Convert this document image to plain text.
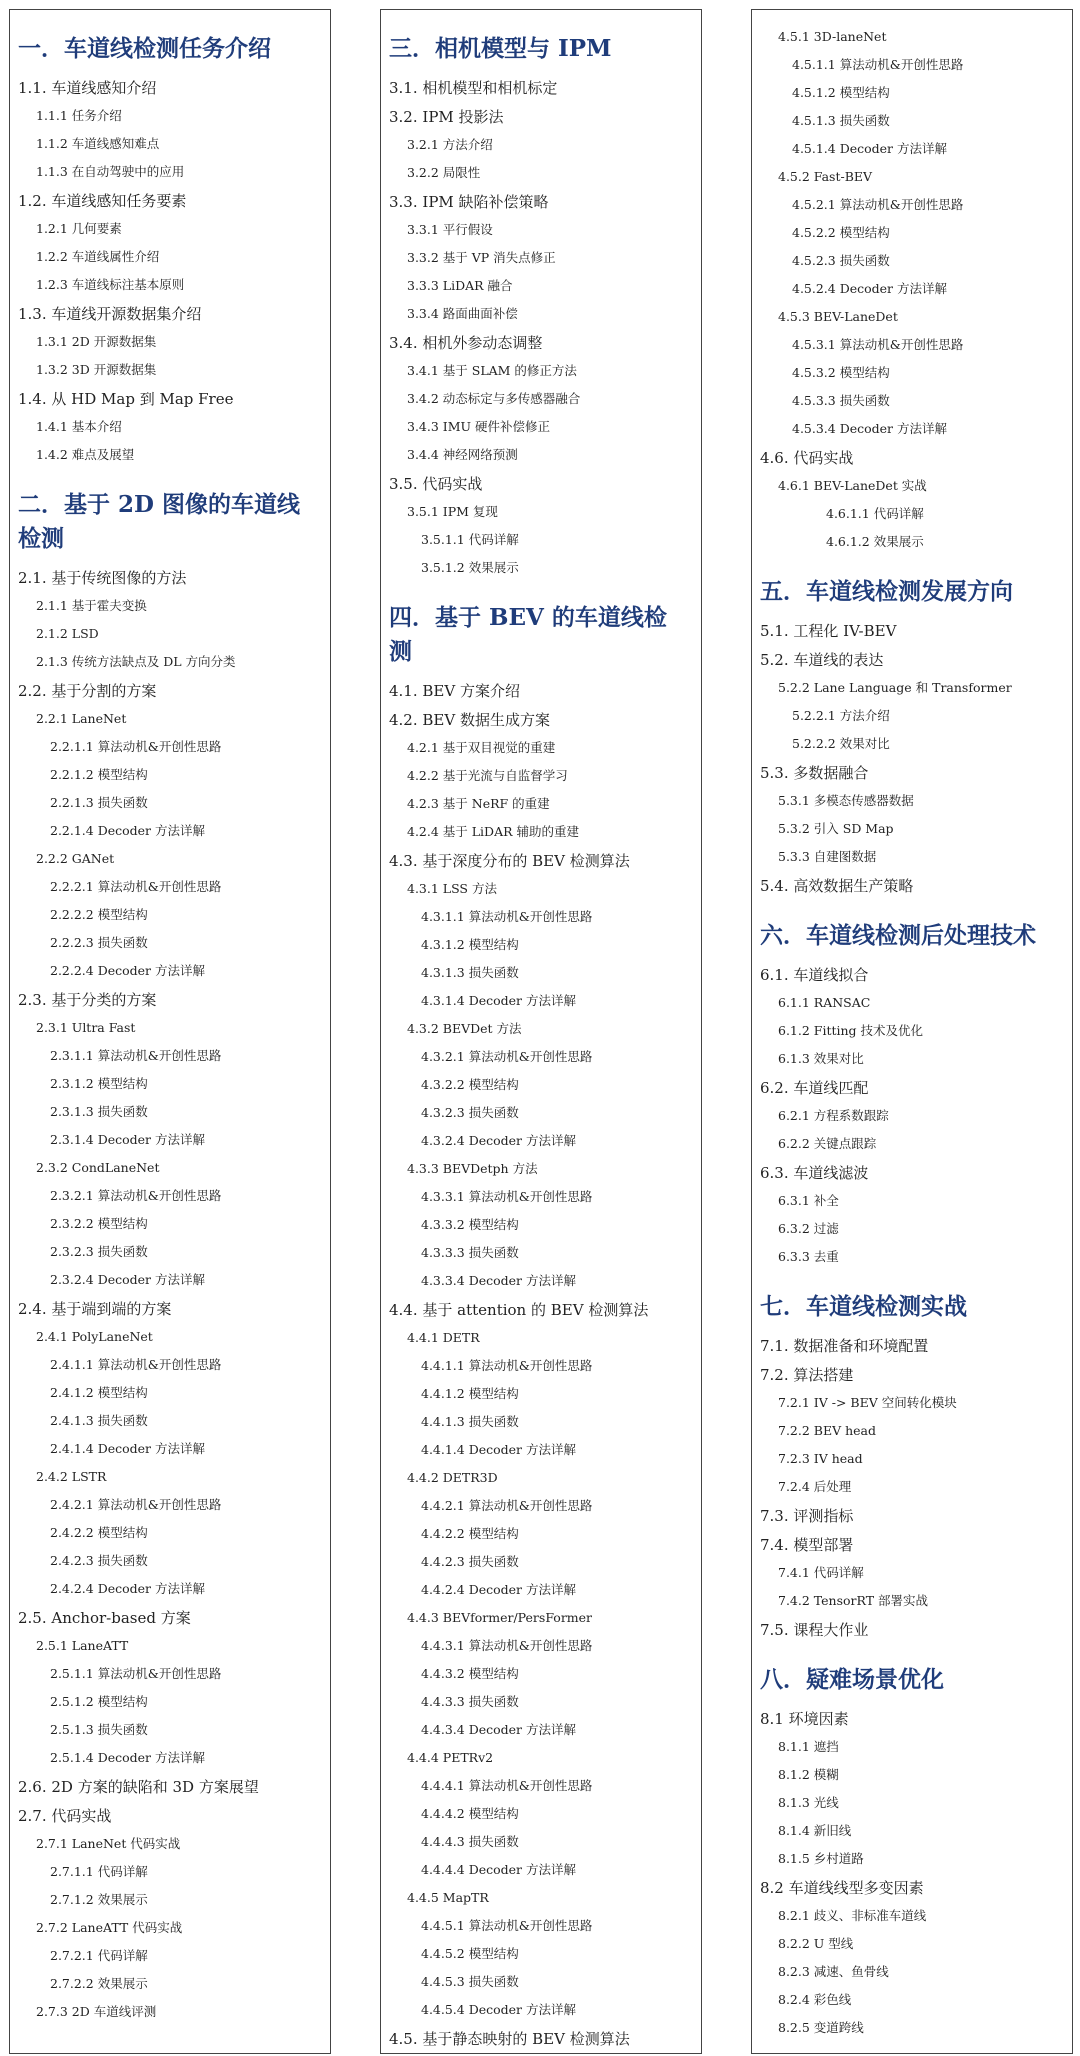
一．车道线检测任务介绍
1.1. 车道线感知介绍
1.1.1 任务介绍
1.1.2 车道线感知难点
1.1.3 在自动驾驶中的应用
1.2. 车道线感知任务要素
1.2.1 几何要素
1.2.2 车道线属性介绍
1.2.3 车道线标注基本原则
1.3. 车道线开源数据集介绍
1.3.1 2D 开源数据集
1.3.2 3D 开源数据集
1.4. 从 HD Map 到 Map Free
1.4.1 基本介绍
1.4.2 难点及展望
二．基于 2D 图像的车道线检测
2.1. 基于传统图像的方法
2.1.1 基于霍夫变换
2.1.2 LSD
2.1.3 传统方法缺点及 DL 方向分类
2.2. 基于分割的方案
2.2.1 LaneNet
2.2.1.1 算法动机&开创性思路
2.2.1.2 模型结构
2.2.1.3 损失函数
2.2.1.4 Decoder 方法详解
2.2.2 GANet
2.2.2.1 算法动机&开创性思路
2.2.2.2 模型结构
2.2.2.3 损失函数
2.2.2.4 Decoder 方法详解
2.3. 基于分类的方案
2.3.1 Ultra Fast
2.3.1.1 算法动机&开创性思路
2.3.1.2 模型结构
2.3.1.3 损失函数
2.3.1.4 Decoder 方法详解
2.3.2 CondLaneNet
2.3.2.1 算法动机&开创性思路
2.3.2.2 模型结构
2.3.2.3 损失函数
2.3.2.4 Decoder 方法详解
2.4. 基于端到端的方案
2.4.1 PolyLaneNet
2.4.1.1 算法动机&开创性思路
2.4.1.2 模型结构
2.4.1.3 损失函数
2.4.1.4 Decoder 方法详解
2.4.2 LSTR
2.4.2.1 算法动机&开创性思路
2.4.2.2 模型结构
2.4.2.3 损失函数
2.4.2.4 Decoder 方法详解
2.5. Anchor-based 方案
2.5.1 LaneATT
2.5.1.1 算法动机&开创性思路
2.5.1.2 模型结构
2.5.1.3 损失函数
2.5.1.4 Decoder 方法详解
2.6. 2D 方案的缺陷和 3D 方案展望
2.7. 代码实战
2.7.1 LaneNet 代码实战
2.7.1.1 代码详解
2.7.1.2 效果展示
2.7.2 LaneATT 代码实战
2.7.2.1 代码详解
2.7.2.2 效果展示
2.7.3 2D 车道线评测
三．相机模型与 IPM
3.1. 相机模型和相机标定
3.2. IPM 投影法
3.2.1 方法介绍
3.2.2 局限性
3.3. IPM 缺陷补偿策略
3.3.1 平行假设
3.3.2 基于 VP 消失点修正
3.3.3 LiDAR 融合
3.3.4 路面曲面补偿
3.4. 相机外参动态调整
3.4.1 基于 SLAM 的修正方法
3.4.2 动态标定与多传感器融合
3.4.3 IMU 硬件补偿修正
3.4.4 神经网络预测
3.5. 代码实战
3.5.1 IPM 复现
3.5.1.1 代码详解
3.5.1.2 效果展示
四．基于 BEV 的车道线检测
4.1. BEV 方案介绍
4.2. BEV 数据生成方案
4.2.1 基于双目视觉的重建
4.2.2 基于光流与自监督学习
4.2.3 基于 NeRF 的重建
4.2.4 基于 LiDAR 辅助的重建
4.3. 基于深度分布的 BEV 检测算法
4.3.1 LSS 方法
4.3.1.1 算法动机&开创性思路
4.3.1.2 模型结构
4.3.1.3 损失函数
4.3.1.4 Decoder 方法详解
4.3.2 BEVDet 方法
4.3.2.1 算法动机&开创性思路
4.3.2.2 模型结构
4.3.2.3 损失函数
4.3.2.4 Decoder 方法详解
4.3.3 BEVDetph 方法
4.3.3.1 算法动机&开创性思路
4.3.3.2 模型结构
4.3.3.3 损失函数
4.3.3.4 Decoder 方法详解
4.4. 基于 attention 的 BEV 检测算法
4.4.1 DETR
4.4.1.1 算法动机&开创性思路
4.4.1.2 模型结构
4.4.1.3 损失函数
4.4.1.4 Decoder 方法详解
4.4.2 DETR3D
4.4.2.1 算法动机&开创性思路
4.4.2.2 模型结构
4.4.2.3 损失函数
4.4.2.4 Decoder 方法详解
4.4.3 BEVformer/PersFormer
4.4.3.1 算法动机&开创性思路
4.4.3.2 模型结构
4.4.3.3 损失函数
4.4.3.4 Decoder 方法详解
4.4.4 PETRv2
4.4.4.1 算法动机&开创性思路
4.4.4.2 模型结构
4.4.4.3 损失函数
4.4.4.4 Decoder 方法详解
4.4.5 MapTR
4.4.5.1 算法动机&开创性思路
4.4.5.2 模型结构
4.4.5.3 损失函数
4.4.5.4 Decoder 方法详解
4.5. 基于静态映射的 BEV 检测算法
4.5.1 3D-laneNet
4.5.1.1 算法动机&开创性思路
4.5.1.2 模型结构
4.5.1.3 损失函数
4.5.1.4 Decoder 方法详解
4.5.2 Fast-BEV
4.5.2.1 算法动机&开创性思路
4.5.2.2 模型结构
4.5.2.3 损失函数
4.5.2.4 Decoder 方法详解
4.5.3 BEV-LaneDet
4.5.3.1 算法动机&开创性思路
4.5.3.2 模型结构
4.5.3.3 损失函数
4.5.3.4 Decoder 方法详解
4.6. 代码实战
4.6.1 BEV-LaneDet 实战
4.6.1.1 代码详解
4.6.1.2 效果展示
五．车道线检测发展方向
5.1. 工程化 IV-BEV
5.2. 车道线的表达
5.2.2 Lane Language 和 Transformer
5.2.2.1 方法介绍
5.2.2.2 效果对比
5.3. 多数据融合
5.3.1 多模态传感器数据
5.3.2 引入 SD Map
5.3.3 自建图数据
5.4. 高效数据生产策略
六．车道线检测后处理技术
6.1. 车道线拟合
6.1.1 RANSAC
6.1.2 Fitting 技术及优化
6.1.3 效果对比
6.2. 车道线匹配
6.2.1 方程系数跟踪
6.2.2 关键点跟踪
6.3. 车道线滤波
6.3.1 补全
6.3.2 过滤
6.3.3 去重
七．车道线检测实战
7.1. 数据准备和环境配置
7.2. 算法搭建
7.2.1 IV -> BEV 空间转化模块
7.2.2 BEV head
7.2.3 IV head
7.2.4 后处理
7.3. 评测指标
7.4. 模型部署
7.4.1 代码详解
7.4.2 TensorRT 部署实战
7.5. 课程大作业
八．疑难场景优化
8.1 环境因素
8.1.1 遮挡
8.1.2 模糊
8.1.3 光线
8.1.4 新旧线
8.1.5 乡村道路
8.2 车道线线型多变因素
8.2.1 歧义、非标准车道线
8.2.2 U 型线
8.2.3 减速、鱼骨线
8.2.4 彩色线
8.2.5 变道跨线
